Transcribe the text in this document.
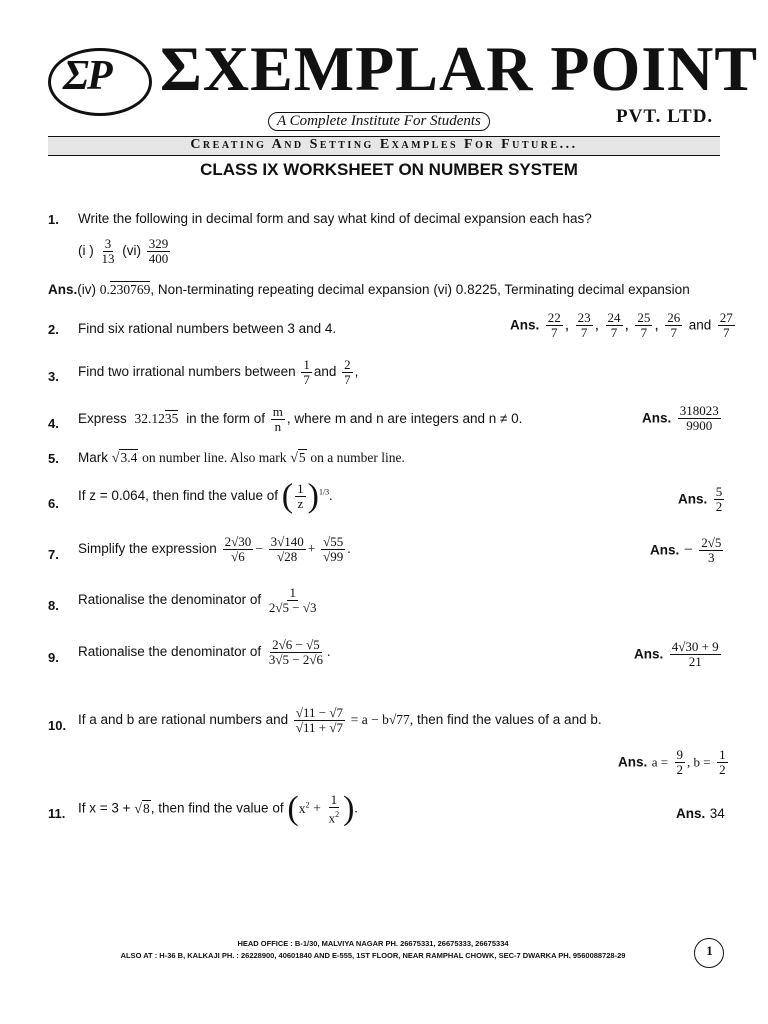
ΣP ΣXEMPLAR POINT
PVT. LTD.
A Complete Institute For Students
Creating And Setting Examples For Future...
CLASS IX WORKSHEET ON NUMBER SYSTEM
1. Write the following in decimal form and say what kind of decimal expansion each has?
(i ) $\frac{3}{13} (vi) \frac{329}{400}$
Ans.(iv) 0.230769, Non-terminating repeating decimal expansion (vi) 0.8225, Terminating decimal expansion
2. Find six rational numbers between 3 and 4.	Ans. $\frac{22}{7}$ , $\frac{23}{7}$ , $\frac{24}{7}$ , $\frac{25}{7}$ , $\frac{26}{7}$ and $\frac{27}{7}$
3. Find two irrational numbers between $\frac{1}{7}$ and $\frac{2}{7}$ ,
4. Express 32.1235 in the form of $\frac{m}{n}$ , where m and n are integers and n ≠ 0.	Ans. $\frac{318023}{9900}$
5. Mark √3.4 on number line. Also mark √5 on a number line.
6.
If z = 0.064, then find the value of ( $\frac{1}{z} )^{1/3}$.	Ans. $\frac{5}{2}$
7. Simplify the expression $\frac{2√30}{√6} - \frac{3√140}{√28} + \frac{√55}{√99}$ .	Ans. − $\frac{2√5}{3}$
8. Rationalise the denominator of $\frac{1}{2√5 - √3}$
9. Rationalise the denominator of $\frac{2√6 - √5}{3√5 - 2√6}$ .	Ans. $\frac{4√30 + 9}{21}$
10. If a and b are rational numbers and $\frac{√11 - √7}{√11 + √7} = a - b√77$, then find the values of a and b.
Ans. $a = \frac{9}{2}$ , $b = \frac{1}{2}$
11. If x = 3 + √8, then find the value of ($x^2 + \frac{1}{x^2}$ ).	Ans. 34
HEAD OFFICE : B-1/30, MALVIYA NAGAR PH. 26675331, 26675333, 26675334
ALSO AT : H-36 B, KALKAJI PH. : 26228900, 40601840 AND E-555, 1ST FLOOR, NEAR RAMPHAL CHOWK, SEC-7 DWARKA PH. 9560088728-29	1
